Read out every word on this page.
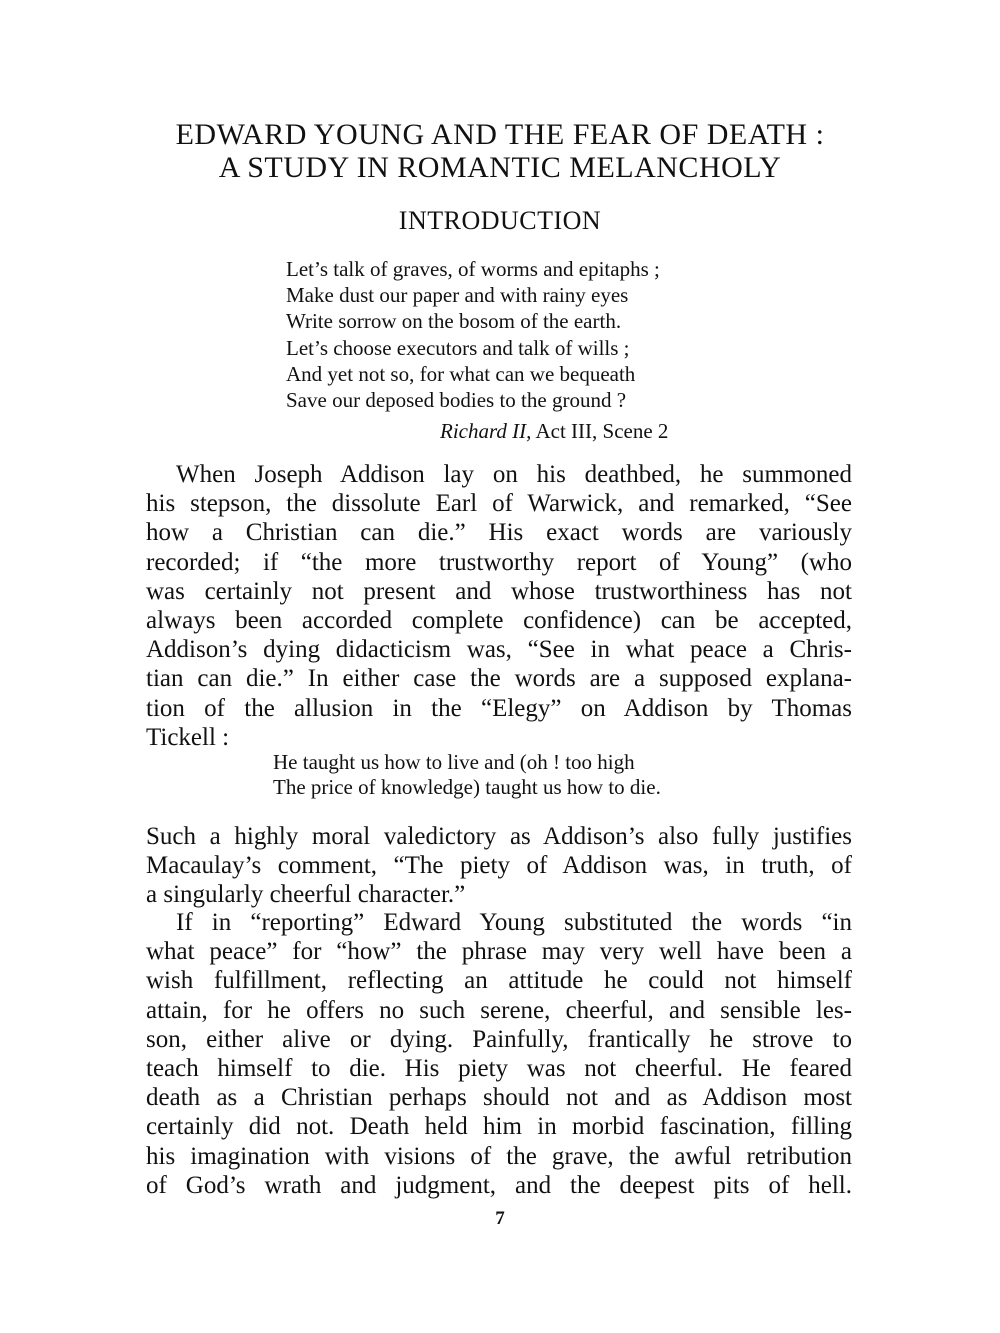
EDWARD YOUNG AND THE FEAR OF DEATH :
A STUDY IN ROMANTIC MELANCHOLY
INTRODUCTION
Let’s talk of graves, of worms and epitaphs ;
Make dust our paper and with rainy eyes
Write sorrow on the bosom of the earth.
Let’s choose executors and talk of wills ;
And yet not so, for what can we bequeath
Save our deposed bodies to the ground ?
Richard II, Act III, Scene 2

When Joseph Addison lay on his deathbed, he summoned
his stepson, the dissolute Earl of Warwick, and remarked, “See
how a Christian can die.” His exact words are variously
recorded; if “the more trustworthy report of Young” (who
was certainly not present and whose trustworthiness has not
always been accorded complete confidence) can be accepted,
Addison’s dying didacticism was, “See in what peace a Chris-
tian can die.” In either case the words are a supposed explana-
tion of the allusion in the “Elegy” on Addison by Thomas
Tickell :

He taught us how to live and (oh ! too high
The price of knowledge) taught us how to die.

Such a highly moral valedictory as Addison’s also fully justifies
Macaulay’s comment, “The piety of Addison was, in truth, of
a singularly cheerful character.”

If in “reporting” Edward Young substituted the words “in
what peace” for “how” the phrase may very well have been a
wish fulfillment, reflecting an attitude he could not himself
attain, for he offers no such serene, cheerful, and sensible les-
son, either alive or dying. Painfully, frantically he strove to
teach himself to die. His piety was not cheerful. He feared
death as a Christian perhaps should not and as Addison most
certainly did not. Death held him in morbid fascination, filling
his imagination with visions of the grave, the awful retribution
of God’s wrath and judgment, and the deepest pits of hell.

7
